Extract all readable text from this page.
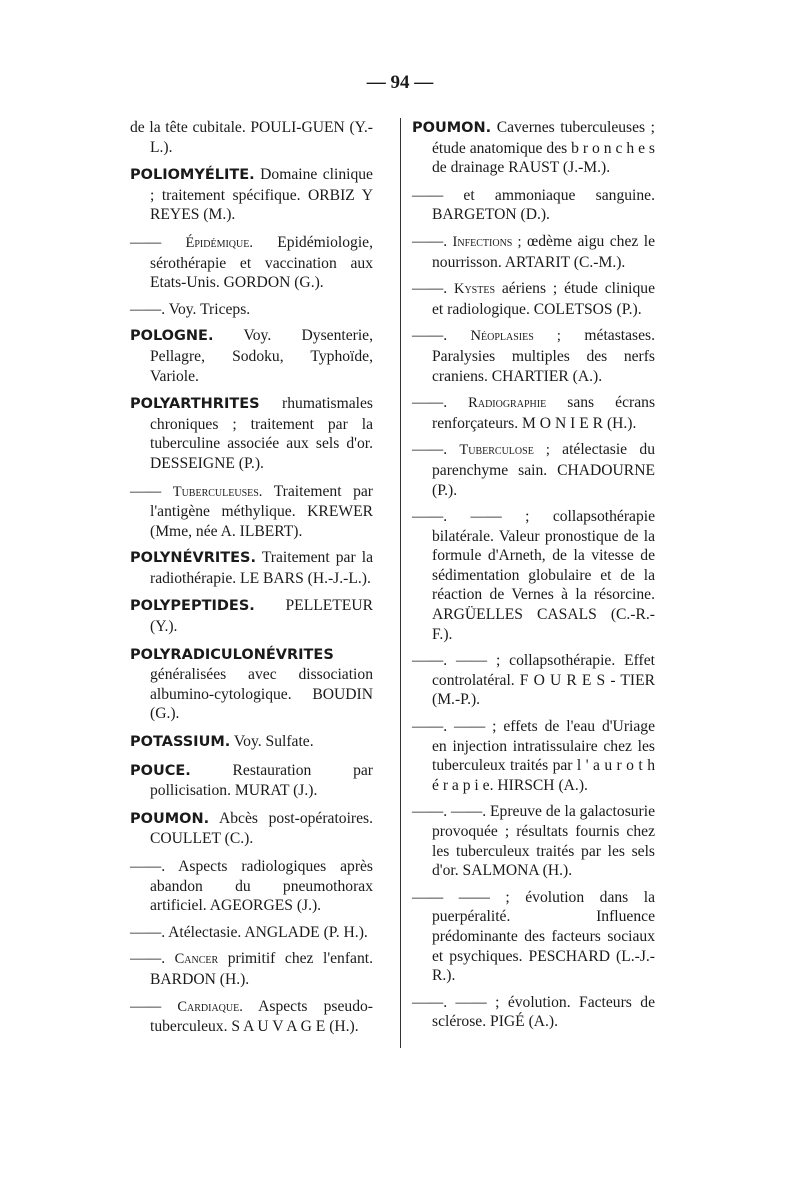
— 94 —
de la tête cubitale. POULI-GUEN (Y.-L.).
POLIOMYÉLITE. Domaine clinique ; traitement spécifique. ORBIZ Y REYES (M.).
—— Épidémique. Epidémiologie, sérothérapie et vaccination aux Etats-Unis. GORDON (G.).
——. Voy. Triceps.
POLOGNE. Voy. Dysenterie, Pellagre, Sodoku, Typhoïde, Variole.
POLYARTHRITES rhumatismales chroniques ; traitement par la tuberculine associée aux sels d'or. DESSEIGNE (P.).
—— Tuberculeuses. Traitement par l'antigène méthylique. KREWER (Mme, née A. ILBERT).
POLYNÉVRITES. Traitement par la radiothérapie. LE BARS (H.-J.-L.).
POLYPEPTIDES. PELLETEUR (Y.).
POLYRADICULONÉVRITES généralisées avec dissociation albumino-cytologique. BOUDIN (G.).
POTASSIUM. Voy. Sulfate.
POUCE.	Restauration par pollicisation. MURAT (J.).
POUMON. Abcès post-opératoires. COULLET (C.).
——. Aspects radiologiques après abandon du pneumothorax artificiel. AGEORGES (J.).
——. Atélectasie. ANGLADE (P. H.).
——. Cancer primitif chez l'enfant. BARDON (H.).
—— Cardiaque. Aspects pseudo-tuberculeux. S A U V A G E (H.).
POUMON. Cavernes tuberculeuses ; étude anatomique des b r o n c h e s de drainage RAUST (J.-M.).
—— et ammoniaque sanguine. BARGETON (D.).
——. Infections ; œdème aigu chez le nourrisson. ARTARIT (C.-M.).
——. Kystes aériens ; étude clinique et radiologique. COLETSOS (P.).
——. Néoplasies ; métastases. Paralysies multiples des nerfs craniens. CHARTIER (A.).
——. Radiographie sans écrans renforçateurs. M O N I E R (H.).
——. Tuberculose ; atélectasie du parenchyme sain. CHADOURNE (P.).
——. —— ; collapsothérapie bilatérale. Valeur pronostique de la formule d'Arneth, de la vitesse de sédimentation globulaire et de la réaction de Vernes à la résorcine. ARGÜELLES CASALS (C.-R.-F.).
——. —— ; collapsothérapie. Effet controlatéral. F O U R E S - TIER (M.-P.).
——. —— ; effets de l'eau d'Uriage en injection intratissulaire chez les tuberculeux traités par l ' a u r o t h é r a p i e. HIRSCH (A.).
——. ——. Epreuve de la galactosurie provoquée ; résultats fournis chez les tuberculeux traités par les sels d'or. SALMONA (H.).
—— —— ; évolution dans la puerpéralité. Influence prédominante des facteurs sociaux et psychiques. PESCHARD (L.-J.-R.).
——. —— ; évolution. Facteurs de sclérose. PIGÉ (A.).
